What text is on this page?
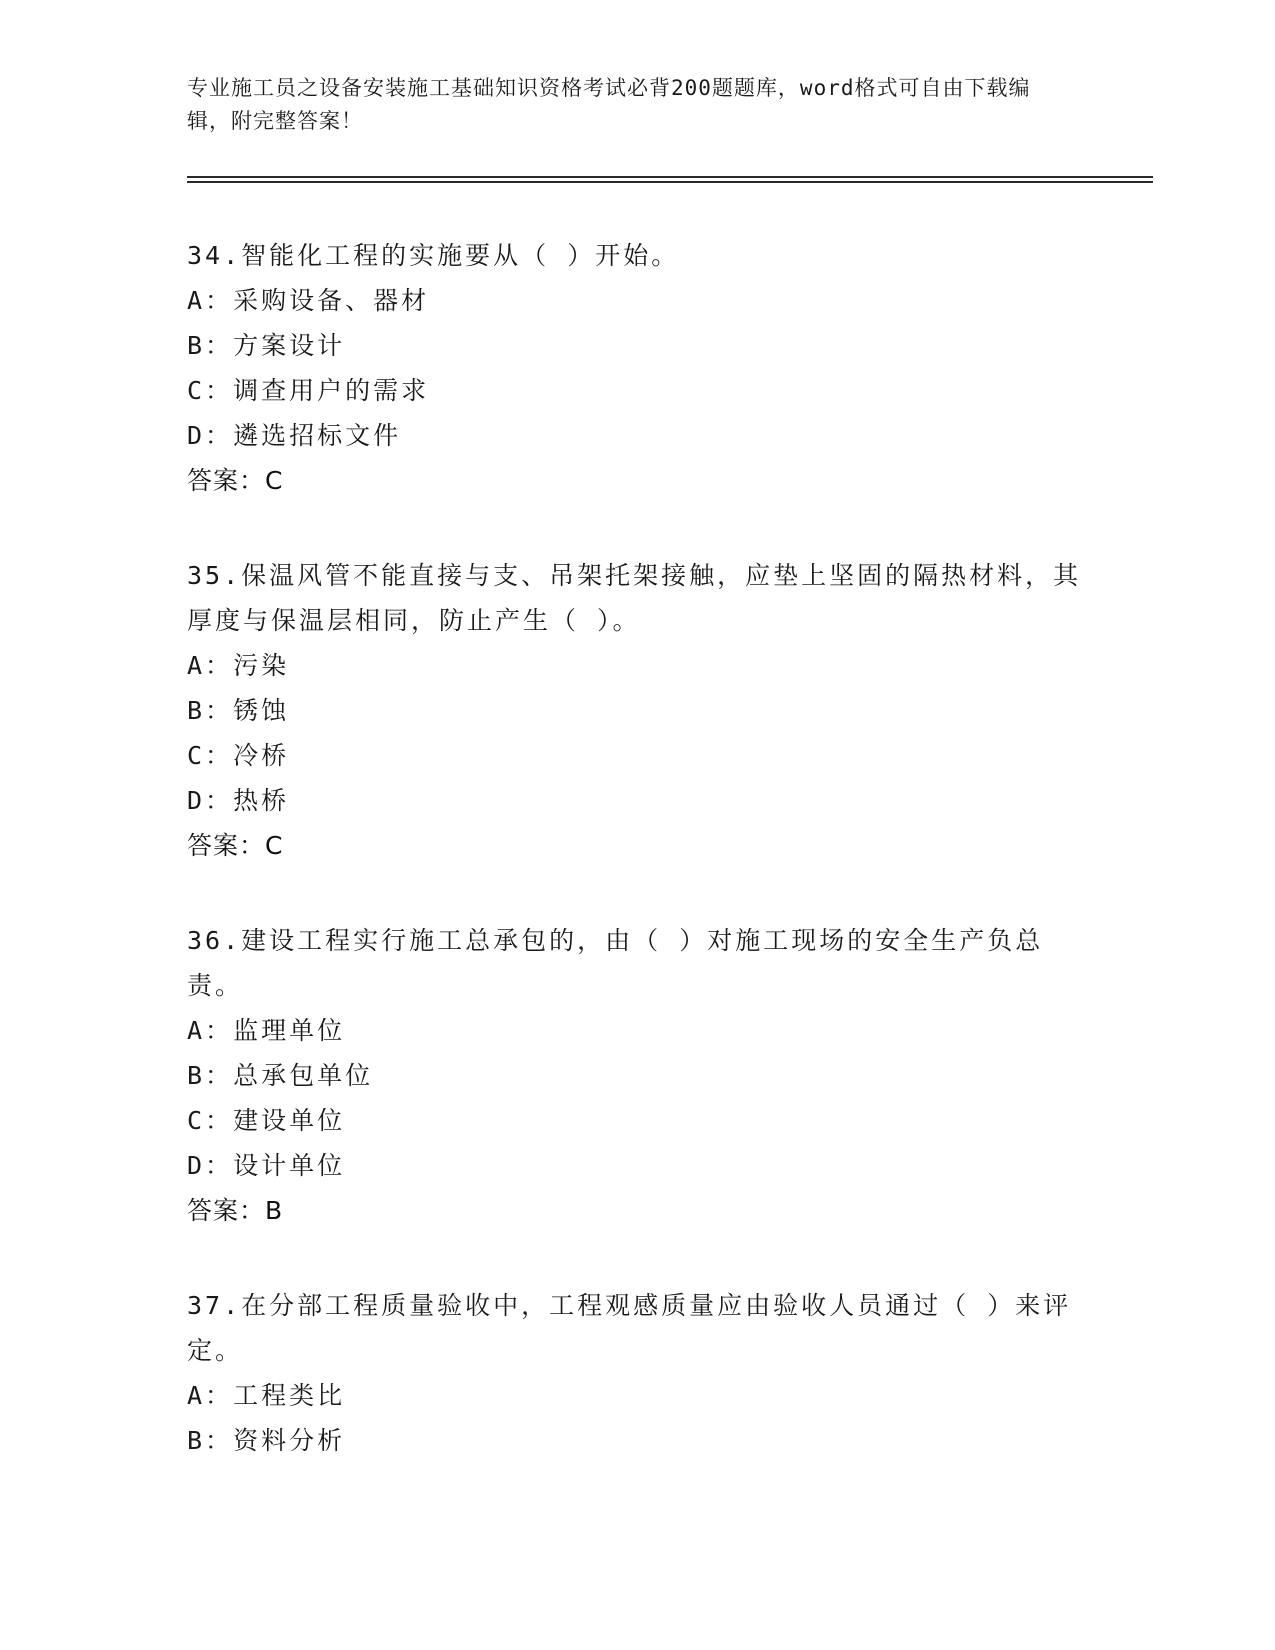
专业施工员之设备安装施工基础知识资格考试必背200题题库，word格式可自由下载编辑，附完整答案！
34.智能化工程的实施要从（ ）开始。
A：采购设备、器材
B：方案设计
C：调查用户的需求
D：遴选招标文件
答案：C
35.保温风管不能直接与支、吊架托架接触，应垫上坚固的隔热材料，其厚度与保温层相同，防止产生（ ）。
A：污染
B：锈蚀
C：冷桥
D：热桥
答案：C
36.建设工程实行施工总承包的，由（ ）对施工现场的安全生产负总责。
A：监理单位
B：总承包单位
C：建设单位
D：设计单位
答案：B
37.在分部工程质量验收中，工程观感质量应由验收人员通过（ ）来评定。
A：工程类比
B：资料分析
